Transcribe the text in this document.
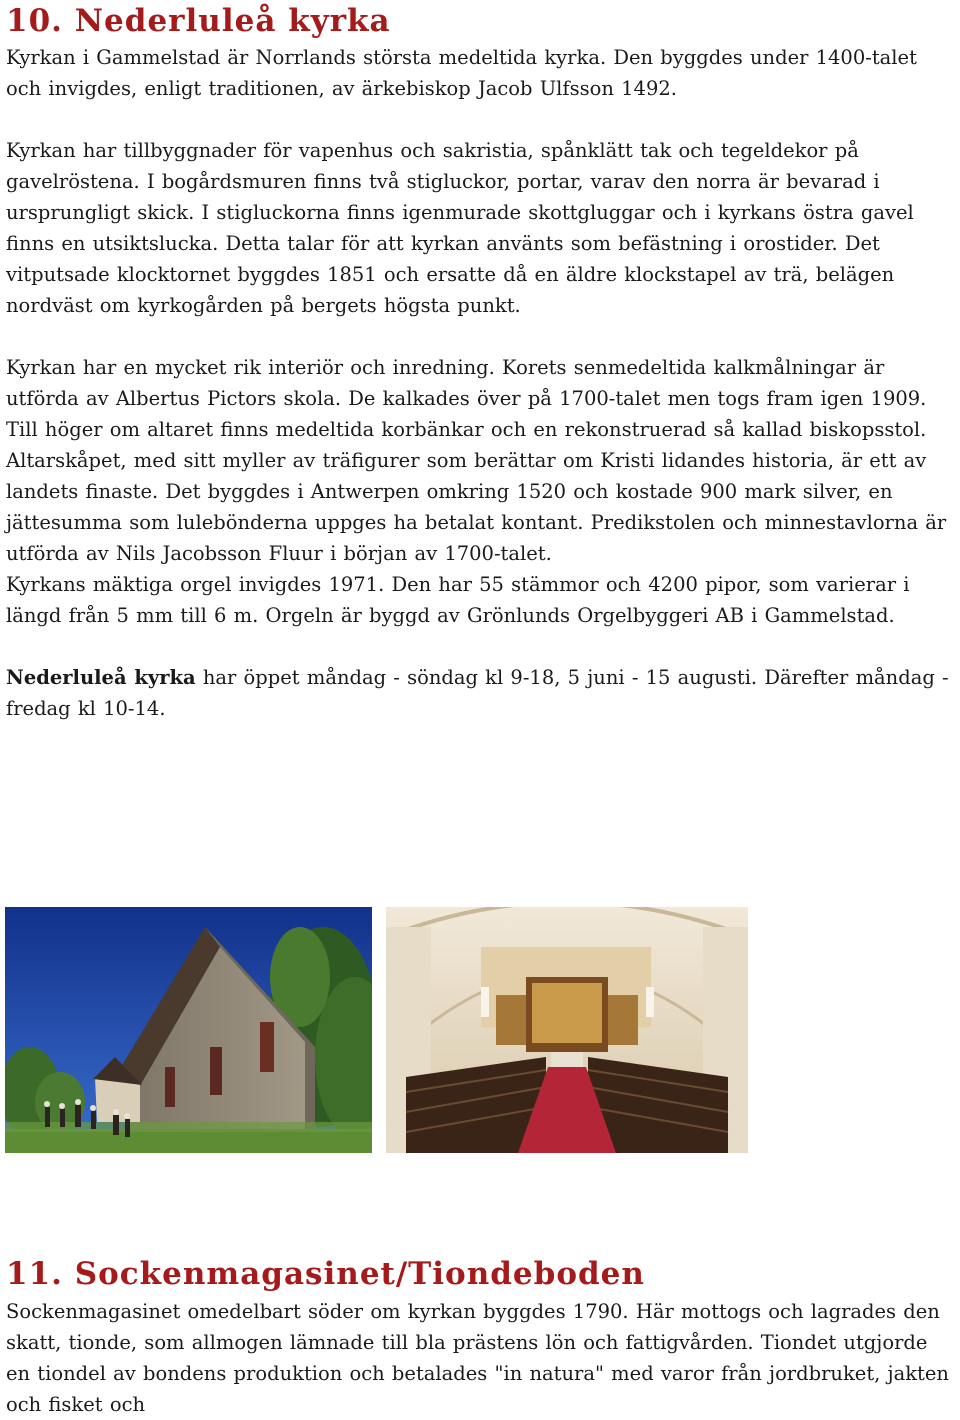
10. Nederluleå kyrka

Kyrkan i Gammelstad är Norrlands största medeltida kyrka. Den byggdes under 1400-talet och invigdes, enligt traditionen, av ärkebiskop Jacob Ulfsson 1492.

Kyrkan har tillbyggnader för vapenhus och sakristia, spånklätt tak och tegeldekor på gavelröstena. I bogårdsmuren finns två stigluckor, portar, varav den norra är bevarad i ursprungligt skick. I stigluckorna finns igenmurade skottgluggar och i kyrkans östra gavel finns en utsiktslucka. Detta talar för att kyrkan använts som befästning i orostider. Det vitputsade klocktornet byggdes 1851 och ersatte då en äldre klockstapel av trä, belägen nordväst om kyrkogården på bergets högsta punkt.

Kyrkan har en mycket rik interiör och inredning. Korets senmedeltida kalkmålningar är utförda av Albertus Pictors skola. De kalkades över på 1700-talet men togs fram igen 1909. Till höger om altaret finns medeltida korbänkar och en rekonstruerad så kallad biskopsstol.

Altarskåpet, med sitt myller av träfigurer som berättar om Kristi lidandes historia, är ett av landets finaste. Det byggdes i Antwerpen omkring 1520 och kostade 900 mark silver, en jättesumma som lulebönderna uppges ha betalat kontant. Predikstolen och minnestavlorna är utförda av Nils Jacobsson Fluur i början av 1700-talet.

Kyrkans mäktiga orgel invigdes 1971. Den har 55 stämmor och 4200 pipor, som varierar i längd från 5 mm till 6 m. Orgeln är byggd av Grönlunds Orgelbyggeri AB i Gammelstad.

Nederluleå kyrka har öppet måndag - söndag kl 9-18, 5 juni - 15 augusti. Därefter måndag - fredag kl 10-14.

11. Sockenmagasinet/Tiondeboden

Sockenmagasinet omedelbart söder om kyrkan byggdes 1790. Här mottogs och lagrades den skatt, tionde, som allmogen lämnade till bla prästens lön och fattigvården. Tiondet utgjorde en tiondel av bondens produktion och betalades "in natura" med varor från jordbruket, jakten och fisket och
